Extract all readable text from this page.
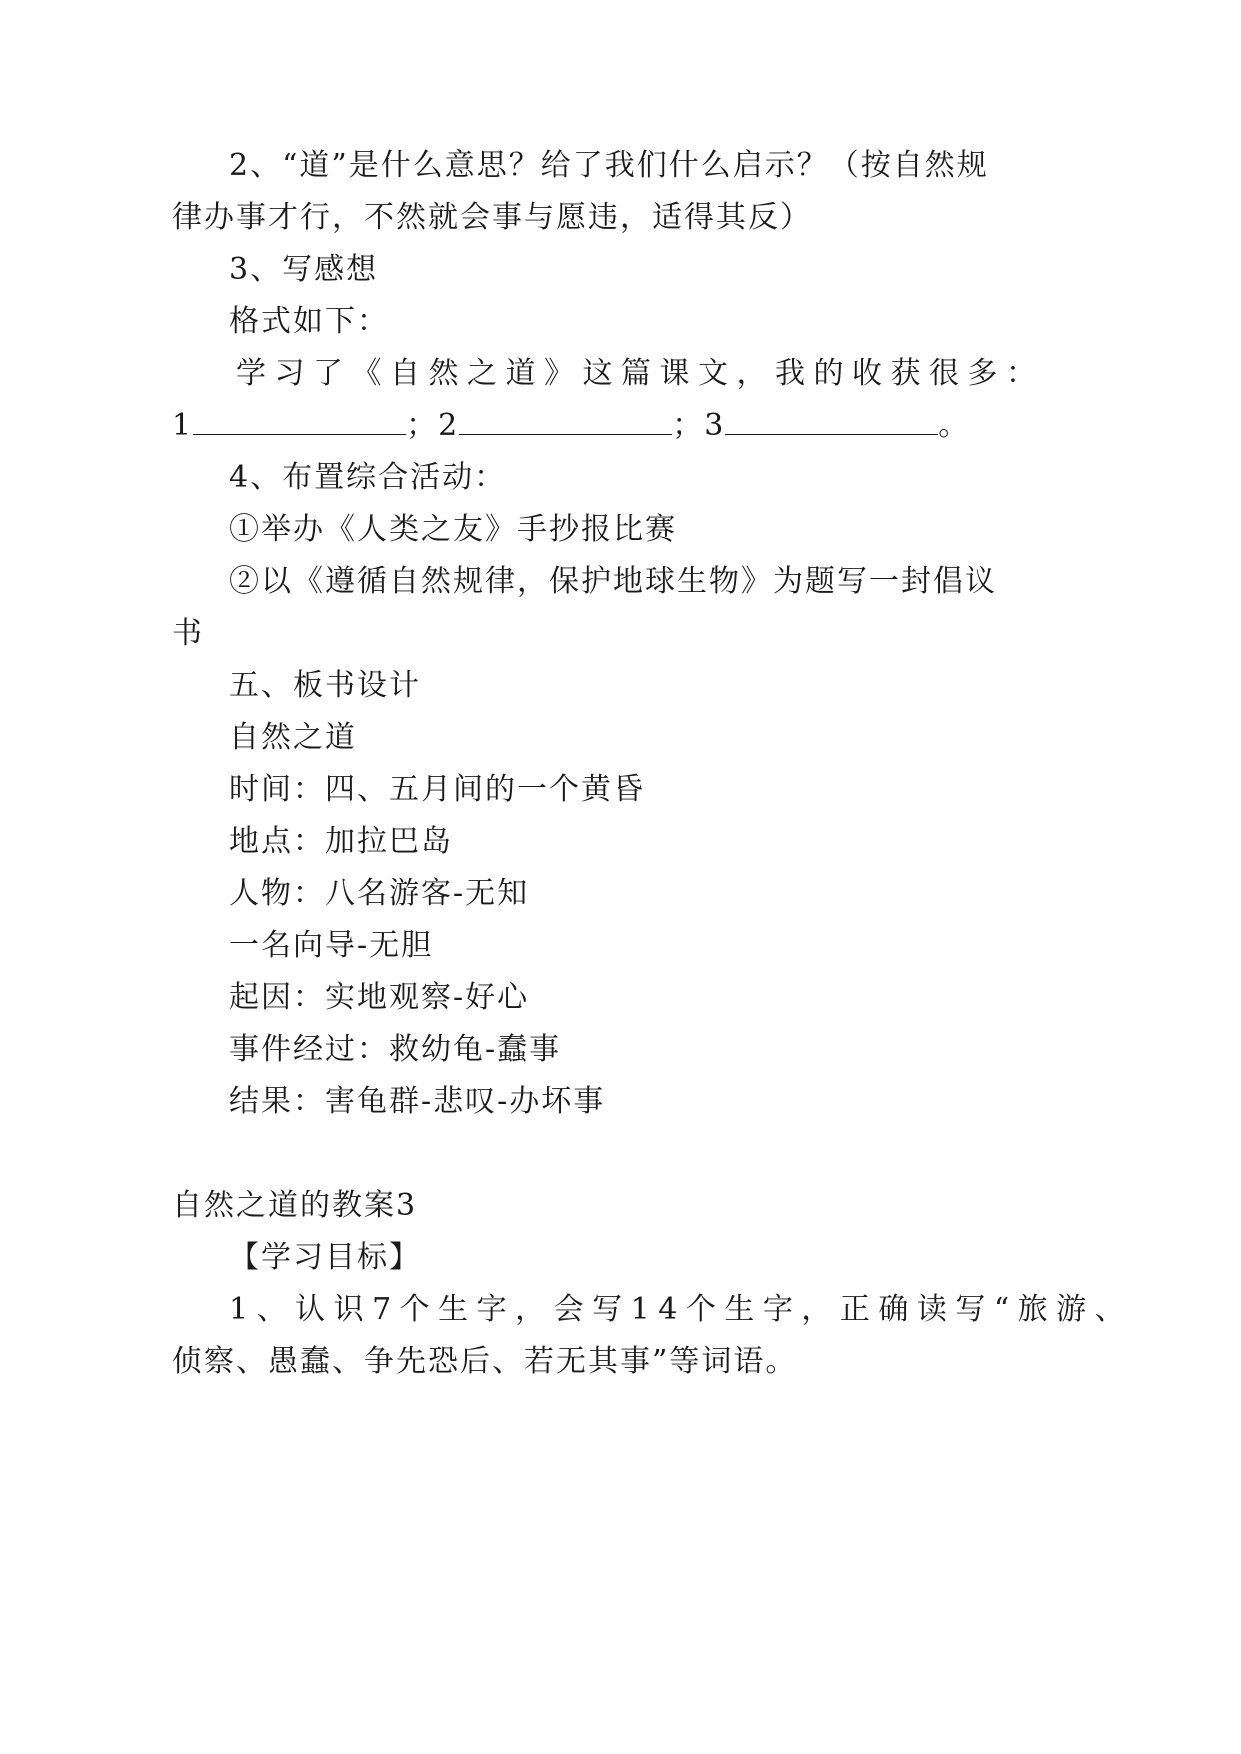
2、“道”是什么意思？给了我们什么启示？（按自然规
律办事才行，不然就会事与愿违，适得其反）
3、写感想
格式如下：
学习了《自然之道》这篇课文，我的收获很多：
1	；2	；3	。
4、布置综合活动：
①举办《人类之友》手抄报比赛
②以《遵循自然规律，保护地球生物》为题写一封倡议
书
五、板书设计
自然之道
时间：四、五月间的一个黄昏
地点：加拉巴岛
人物：八名游客-无知
一名向导-无胆
起因：实地观察-好心
事件经过：救幼龟-蠢事
结果：害龟群-悲叹-办坏事
自然之道的教案3
【学习目标】
1、认识7个生字，会写14个生字，正确读写“旅游、
侦察、愚蠢、争先恐后、若无其事”等词语。
